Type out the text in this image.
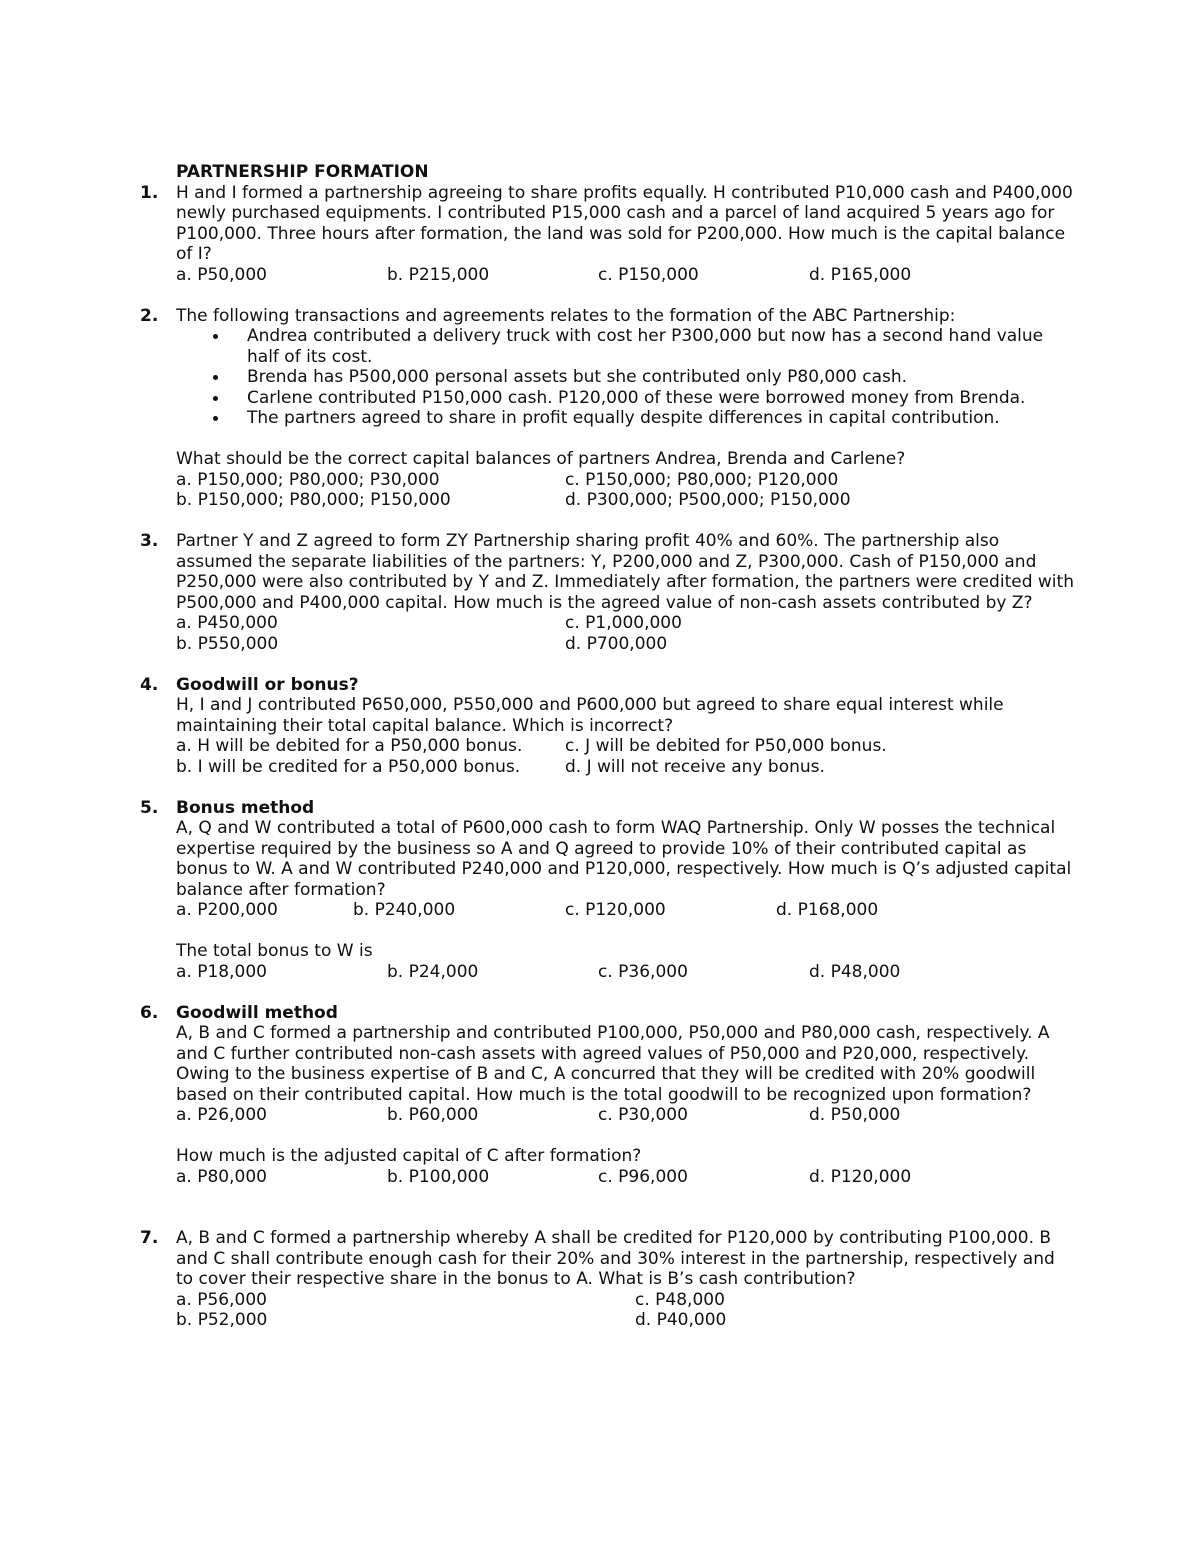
PARTNERSHIP FORMATION

1. H and I formed a partnership agreeing to share profits equally. H contributed P10,000 cash and P400,000 newly purchased equipments. I contributed P15,000 cash and a parcel of land acquired 5 years ago for P100,000. Three hours after formation, the land was sold for P200,000. How much is the capital balance of I?

a. P50,000	b. P215,000	c. P150,000	d. P165,000
2. The following transactions and agreements relates to the formation of the ABC Partnership:

Andrea contributed a delivery truck with cost her P300,000 but now has a second hand value half of its cost.
Brenda has P500,000 personal assets but she contributed only P80,000 cash.
Carlene contributed P150,000 cash. P120,000 of these were borrowed money from Brenda.
The partners agreed to share in profit equally despite differences in capital contribution.

What should be the correct capital balances of partners Andrea, Brenda and Carlene?

a. P150,000; P80,000; P30,000	c. P150,000; P80,000; P120,000
b. P150,000; P80,000; P150,000	d. P300,000; P500,000; P150,000
3. Partner Y and Z agreed to form ZY Partnership sharing profit 40% and 60%. The partnership also assumed the separate liabilities of the partners: Y, P200,000 and Z, P300,000. Cash of P150,000 and P250,000 were also contributed by Y and Z. Immediately after formation, the partners were credited with P500,000 and P400,000 capital. How much is the agreed value of non-cash assets contributed by Z?

a. P450,000	c. P1,000,000
b. P550,000	d. P700,000
4. Goodwill or bonus?

H, I and J contributed P650,000, P550,000 and P600,000 but agreed to share equal interest while maintaining their total capital balance. Which is incorrect?

a. H will be debited for a P50,000 bonus.	c. J will be debited for P50,000 bonus.
b. I will be credited for a P50,000 bonus.	d. J will not receive any bonus.
5. Bonus method

A, Q and W contributed a total of P600,000 cash to form WAQ Partnership. Only W posses the technical expertise required by the business so A and Q agreed to provide 10% of their contributed capital as bonus to W. A and W contributed P240,000 and P120,000, respectively. How much is Q’s adjusted capital balance after formation?

a. P200,000	b. P240,000	c. P120,000	d. P168,000

The total bonus to W is

a. P18,000	b. P24,000	c. P36,000	d. P48,000
6. Goodwill method

A, B and C formed a partnership and contributed P100,000, P50,000 and P80,000 cash, respectively. A and C further contributed non-cash assets with agreed values of P50,000 and P20,000, respectively. Owing to the business expertise of B and C, A concurred that they will be credited with 20% goodwill based on their contributed capital. How much is the total goodwill to be recognized upon formation?

a. P26,000	b. P60,000	c. P30,000	d. P50,000

How much is the adjusted capital of C after formation?

a. P80,000	b. P100,000	c. P96,000	d. P120,000
7. A, B and C formed a partnership whereby A shall be credited for P120,000 by contributing P100,000. B and C shall contribute enough cash for their 20% and 30% interest in the partnership, respectively and to cover their respective share in the bonus to A. What is B’s cash contribution?

a. P56,000	c. P48,000
b. P52,000	d. P40,000
